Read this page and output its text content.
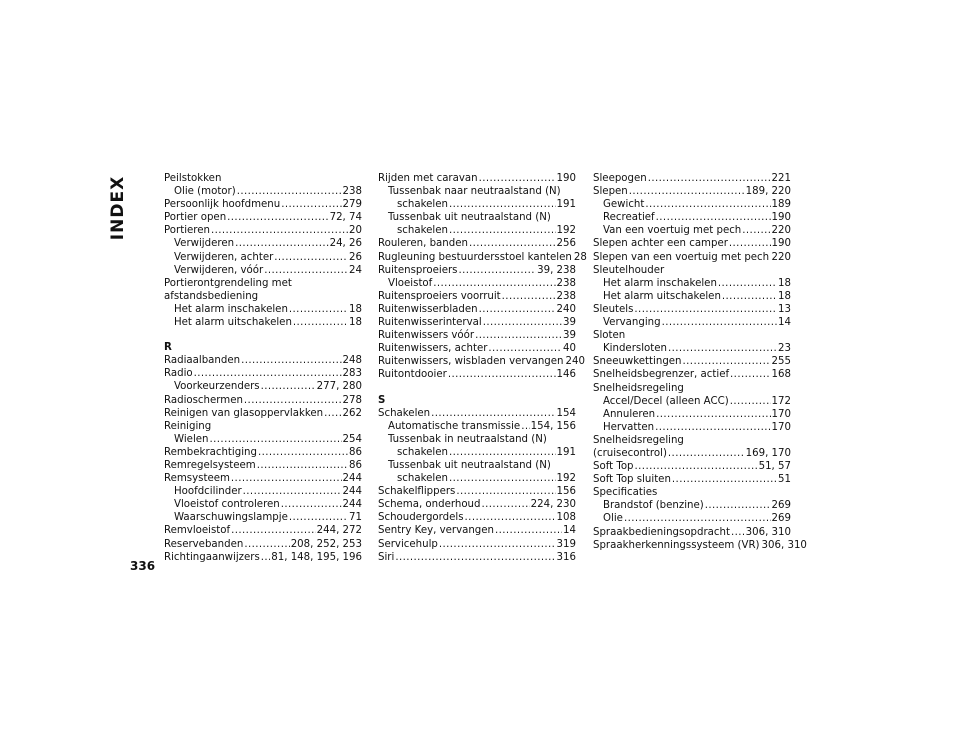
INDEX	Peilstokken
Olie (motor) .....	238
Persoonlijk hoofdmenu .....	279
Portier open .....	72, 74
Portieren .....	20
Verwijderen .....	24, 26
Verwijderen, achter .....	26
Verwijderen, vóór .....	24
Portierontgrendeling met
afstandsbediening
Het alarm inschakelen .....	18
Het alarm uitschakelen .....	18
R
Radiaalbanden .....	248
Radio .....	283
Voorkeurzenders .....	277, 280
Radioschermen .....	278
Reinigen van glasoppervlakken ..... 262
Reiniging
Wielen .....	254
Rembekrachtiging .....	86
Remregelsysteem .....	86
Remsysteem .....	244
Hoofdcilinder .....	244
Vloeistof controleren .....	244
Waarschuwingslampje .....	71
Remvloeistof .....	244, 272
Reservebanden .....	208, 252, 253
Richtingaanwijzers ..... 81, 148, 195, 196
Rijden met caravan .....	190
Tussenbak naar neutraalstand (N)
schakelen .....	191
Tussenbak uit neutraalstand (N)
schakelen .....	192
Rouleren, banden .....	256
Rugleuning bestuurdersstoel kantelen 28
Ruitensproeiers .....	39, 238
Vloeistof .....	238
Ruitensproeiers voorruit .....	238
Ruitenwisserbladen .....	240
Ruitenwisserinterval .....	39
Ruitenwissers vóór .....	39
Ruitenwissers, achter .....	40
Ruitenwissers, wisbladen vervangen 240
Ruitontdooier .....	146
S
Schakelen .....	154
Automatische transmissie ..... 154, 156
Tussenbak in neutraalstand (N)
schakelen .....	191
Tussenbak uit neutraalstand (N)
schakelen .....	192
Schakelflippers .....	156
Schema, onderhoud .....	224, 230
Schoudergordels .....	108
Sentry Key, vervangen .....	14
Servicehulp .....	319
Siri .....	316
Sleepogen .....	221
Slepen .....	189, 220
Gewicht .....	189
Recreatief .....	190
Van een voertuig met pech .....	220
Slepen achter een camper .....	190
Slepen van een voertuig met pech ..... 220
Sleutelhouder
Het alarm inschakelen .....	18
Het alarm uitschakelen .....	18
Sleutels .....	13
Vervanging .....	14
Sloten
Kindersloten .....	23
Sneeuwkettingen .....	255
Snelheidsbegrenzer, actief .....	168
Snelheidsregeling
Accel/Decel (alleen ACC) .....	172
Annuleren .....	170
Hervatten .....	170
Snelheidsregeling
(cruisecontrol) .....	169, 170
Soft Top .....	51, 57
Soft Top sluiten .....	51
Specificaties
Brandstof (benzine) .....	269
Olie .....	269
Spraakbedieningsopdracht ..... 306, 310
Spraakherkenningssysteem (VR) 306, 310
336
